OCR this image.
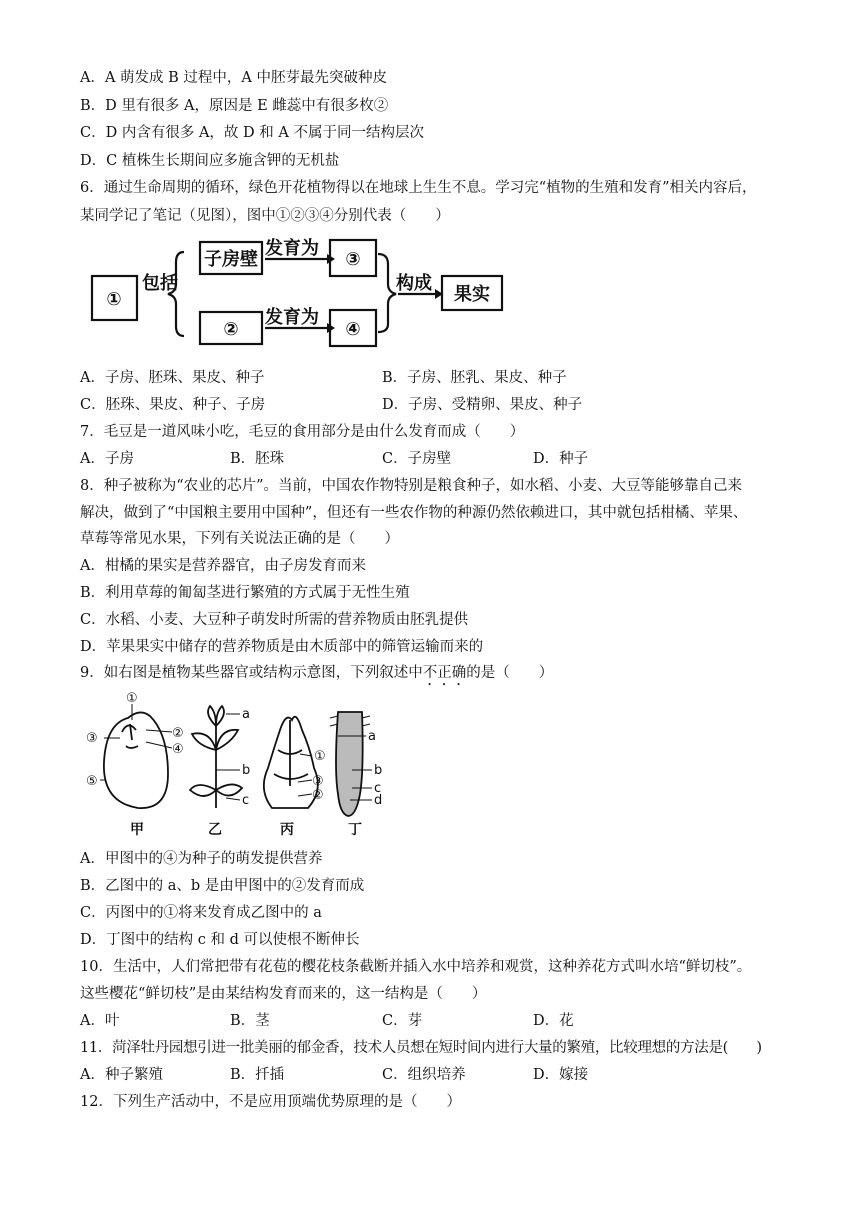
A．A 萌发成 B 过程中，A 中胚芽最先突破种皮
B．D 里有很多 A，原因是 E 雌蕊中有很多枚②
C．D 内含有很多 A，故 D 和 A 不属于同一结构层次
D．C 植株生长期间应多施含钾的无机盐
6．通过生命周期的循环，绿色开花植物得以在地球上生生不息。学习完“植物的生殖和发育”相关内容后，
某同学记了笔记（见图），图中①②③④分别代表（　　）
①
包括
子房壁
发育为
③
②
发育为
④
构成
果实
A．子房、胚珠、果皮、种子	B．子房、胚乳、果皮、种子
C．胚珠、果皮、种子、子房	D．子房、受精卵、果皮、种子
7．毛豆是一道风味小吃，毛豆的食用部分是由什么发育而成（　　）
A．子房	B．胚珠	C．子房壁	D．种子
8．种子被称为“农业的芯片”。当前，中国农作物特别是粮食种子，如水稻、小麦、大豆等能够靠自己来
解决，做到了“中国粮主要用中国种”，但还有一些农作物的种源仍然依赖进口，其中就包括柑橘、苹果、
草莓等常见水果，下列有关说法正确的是（　　）
A．柑橘的果实是营养器官，由子房发育而来
B．利用草莓的匍匐茎进行繁殖的方式属于无性生殖
C．水稻、小麦、大豆种子萌发时所需的营养物质由胚乳提供
D．苹果果实中储存的营养物质是由木质部中的筛管运输而来的
9．如右图是植物某些器官或结构示意图，下列叙述中不正确的是（　　）
①
③
⑤
②
④
a
b
c
①
③
②
a
b
c
d
甲	乙	丙	丁
A．甲图中的④为种子的萌发提供营养
B．乙图中的 a、b 是由甲图中的②发育而成
C．丙图中的①将来发育成乙图中的 a
D．丁图中的结构 c 和 d 可以使根不断伸长
10．生活中，人们常把带有花苞的樱花枝条截断并插入水中培养和观赏，这种养花方式叫水培“鲜切枝”。
这些樱花“鲜切枝”是由某结构发育而来的，这一结构是（　　）
A．叶	B．茎	C．芽	D．花
11．菏泽牡丹园想引进一批美丽的郁金香，技术人员想在短时间内进行大量的繁殖，比较理想的方法是(　　)
A．种子繁殖	B．扦插	C．组织培养	D．嫁接
12．下列生产活动中，不是应用顶端优势原理的是（　　）
